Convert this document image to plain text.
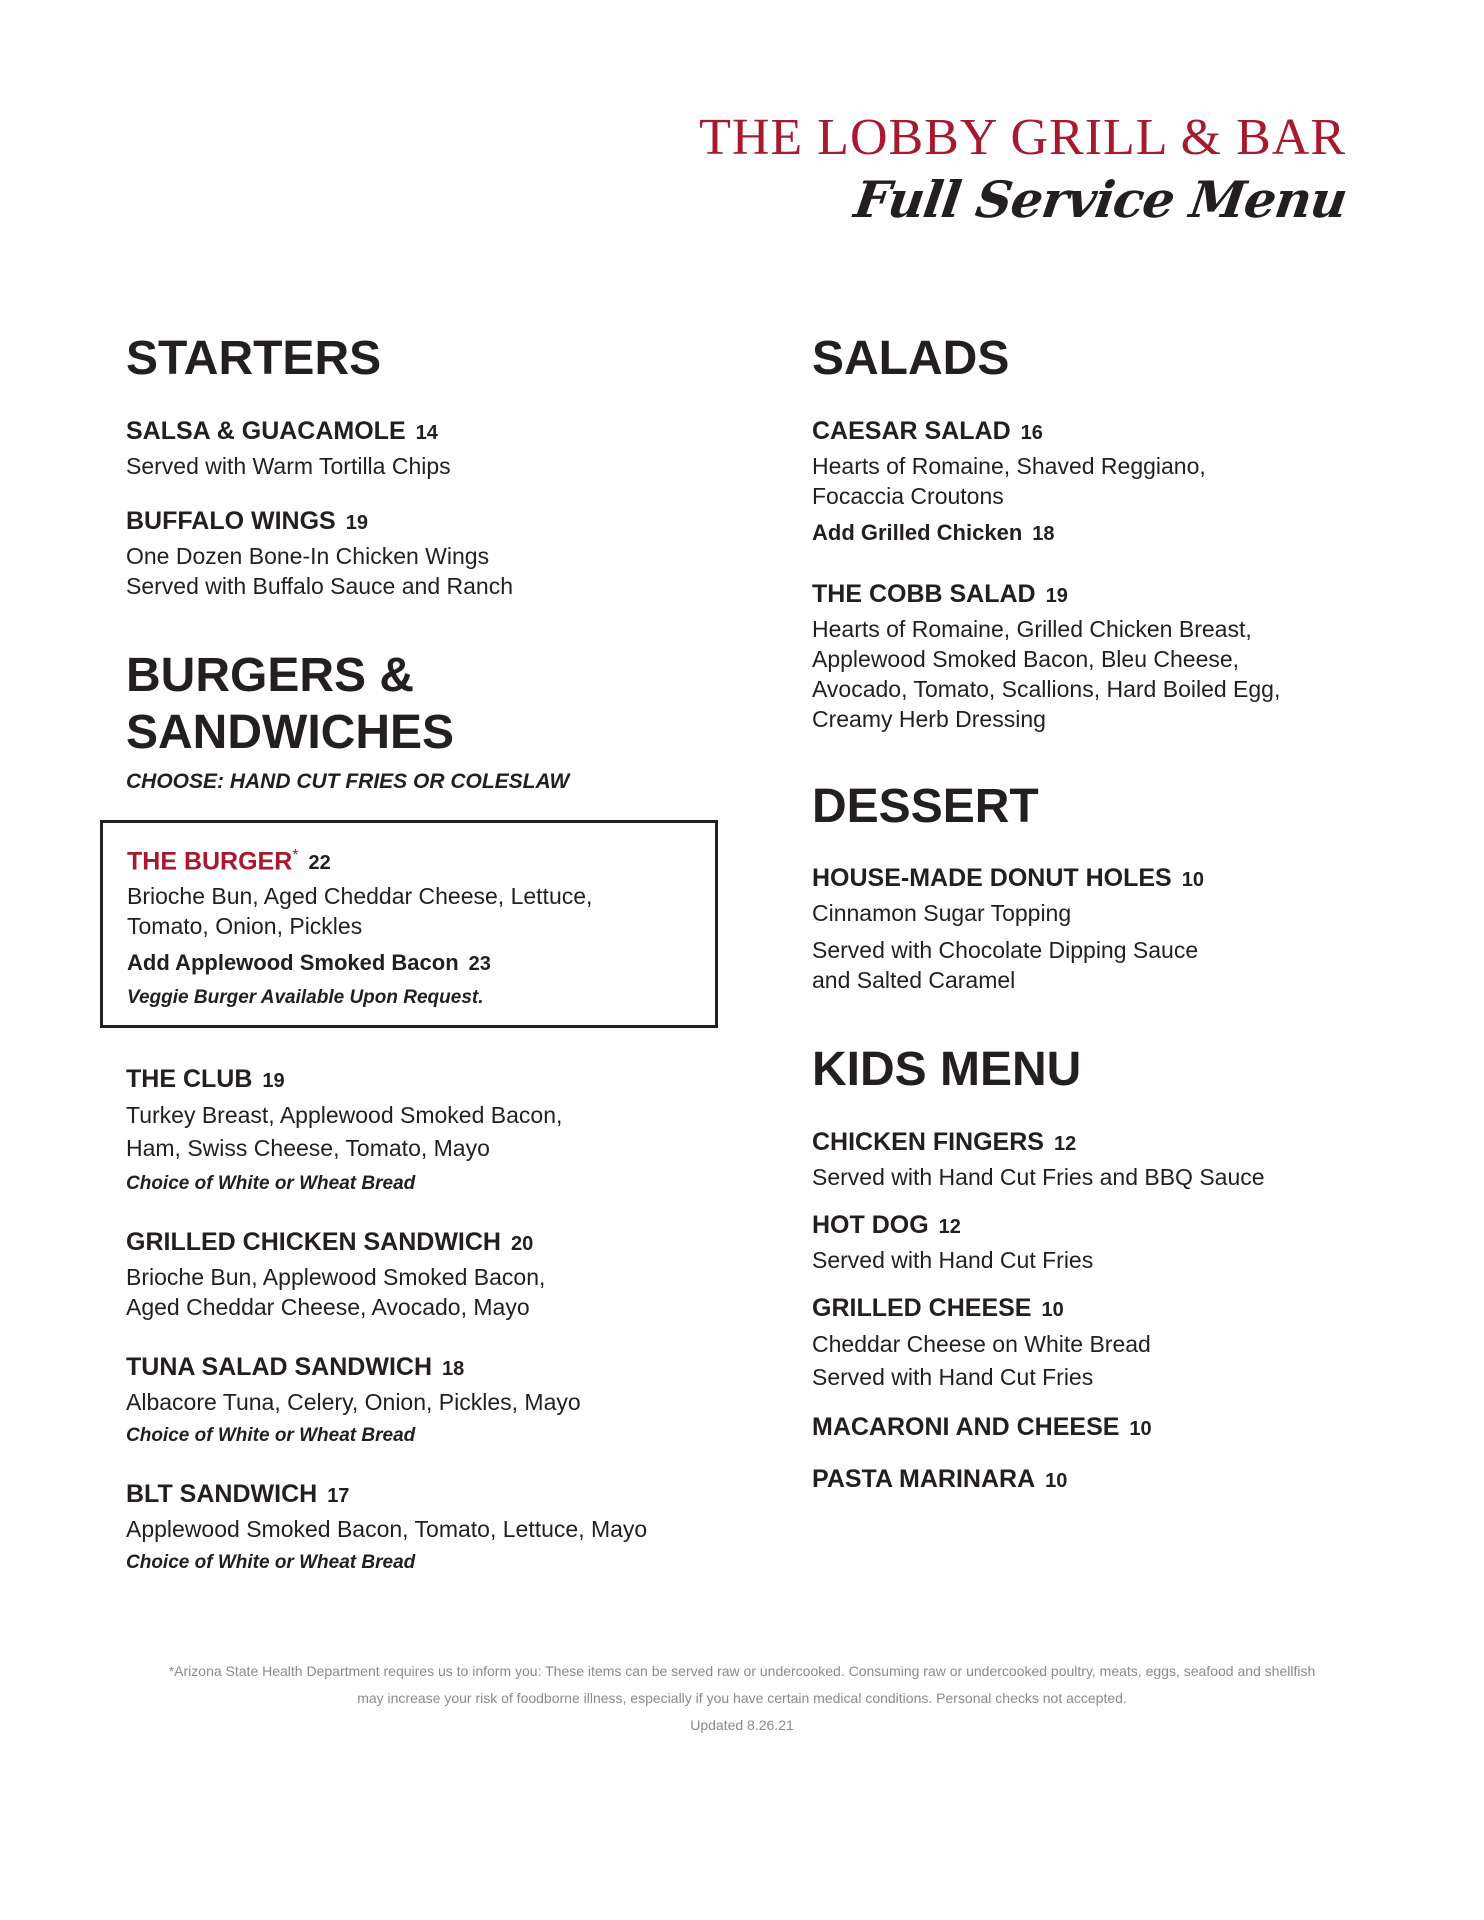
THE LOBBY GRILL & BAR
Full Service Menu
STARTERS

SALSA & GUACAMOLE 14

Served with Warm Tortilla Chips

BUFFALO WINGS 19

One Dozen Bone-In Chicken Wings
Served with Buffalo Sauce and Ranch

BURGERS & SANDWICHES

CHOOSE: HAND CUT FRIES OR COLESLAW

THE BURGER* 22

Brioche Bun, Aged Cheddar Cheese, Lettuce,
Tomato, Onion, Pickles

Add Applewood Smoked Bacon 23

Veggie Burger Available Upon Request.

THE CLUB 19

Turkey Breast, Applewood Smoked Bacon,
Ham, Swiss Cheese, Tomato, Mayo

Choice of White or Wheat Bread

GRILLED CHICKEN SANDWICH 20

Brioche Bun, Applewood Smoked Bacon,
Aged Cheddar Cheese, Avocado, Mayo

TUNA SALAD SANDWICH 18

Albacore Tuna, Celery, Onion, Pickles, Mayo

Choice of White or Wheat Bread

BLT SANDWICH 17

Applewood Smoked Bacon, Tomato, Lettuce, Mayo

Choice of White or Wheat Bread

SALADS

CAESAR SALAD 16

Hearts of Romaine, Shaved Reggiano,
Focaccia Croutons

Add Grilled Chicken 18

THE COBB SALAD 19

Hearts of Romaine, Grilled Chicken Breast,
Applewood Smoked Bacon, Bleu Cheese,
Avocado, Tomato, Scallions, Hard Boiled Egg,
Creamy Herb Dressing

DESSERT

HOUSE-MADE DONUT HOLES 10

Cinnamon Sugar Topping

Served with Chocolate Dipping Sauce
and Salted Caramel

KIDS MENU

CHICKEN FINGERS 12

Served with Hand Cut Fries and BBQ Sauce

HOT DOG 12

Served with Hand Cut Fries

GRILLED CHEESE 10

Cheddar Cheese on White Bread
Served with Hand Cut Fries

MACARONI AND CHEESE 10

PASTA MARINARA 10

*Arizona State Health Department requires us to inform you: These items can be served raw or undercooked. Consuming raw or undercooked poultry, meats, eggs, seafood and shellfish

may increase your risk of foodborne illness, especially if you have certain medical conditions. Personal checks not accepted.

Updated 8.26.21
